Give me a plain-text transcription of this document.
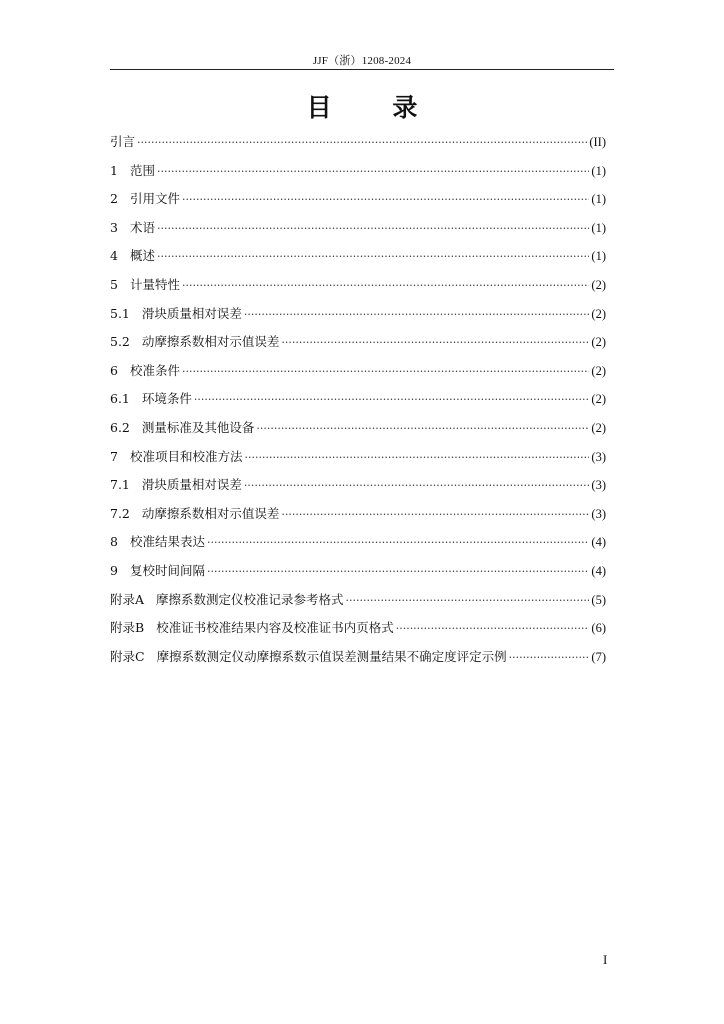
JJF（浙）1208-2024
目 录
引言 ·····	(II)
1 范围 ·····	(1)
2 引用文件 ·····	(1)
3 术语 ·····	(1)
4 概述 ·····	(1)
5 计量特性 ·····	(2)
5.1 滑块质量相对误差 ·····	(2)
5.2 动摩擦系数相对示值误差 ·····	(2)
6 校准条件 ·····	(2)
6.1 环境条件 ·····	(2)
6.2 测量标准及其他设备 ·····	(2)
7 校准项目和校准方法 ·····	(3)
7.1 滑块质量相对误差 ·····	(3)
7.2 动摩擦系数相对示值误差 ·····	(3)
8 校准结果表达 ·····	(4)
9 复校时间间隔 ·····	(4)
附录A 摩擦系数测定仪校准记录参考格式 ·····	(5)
附录B 校准证书校准结果内容及校准证书内页格式 ·····	(6)
附录C 摩擦系数测定仪动摩擦系数示值误差测量结果不确定度评定示例 ·····	(7)
I
